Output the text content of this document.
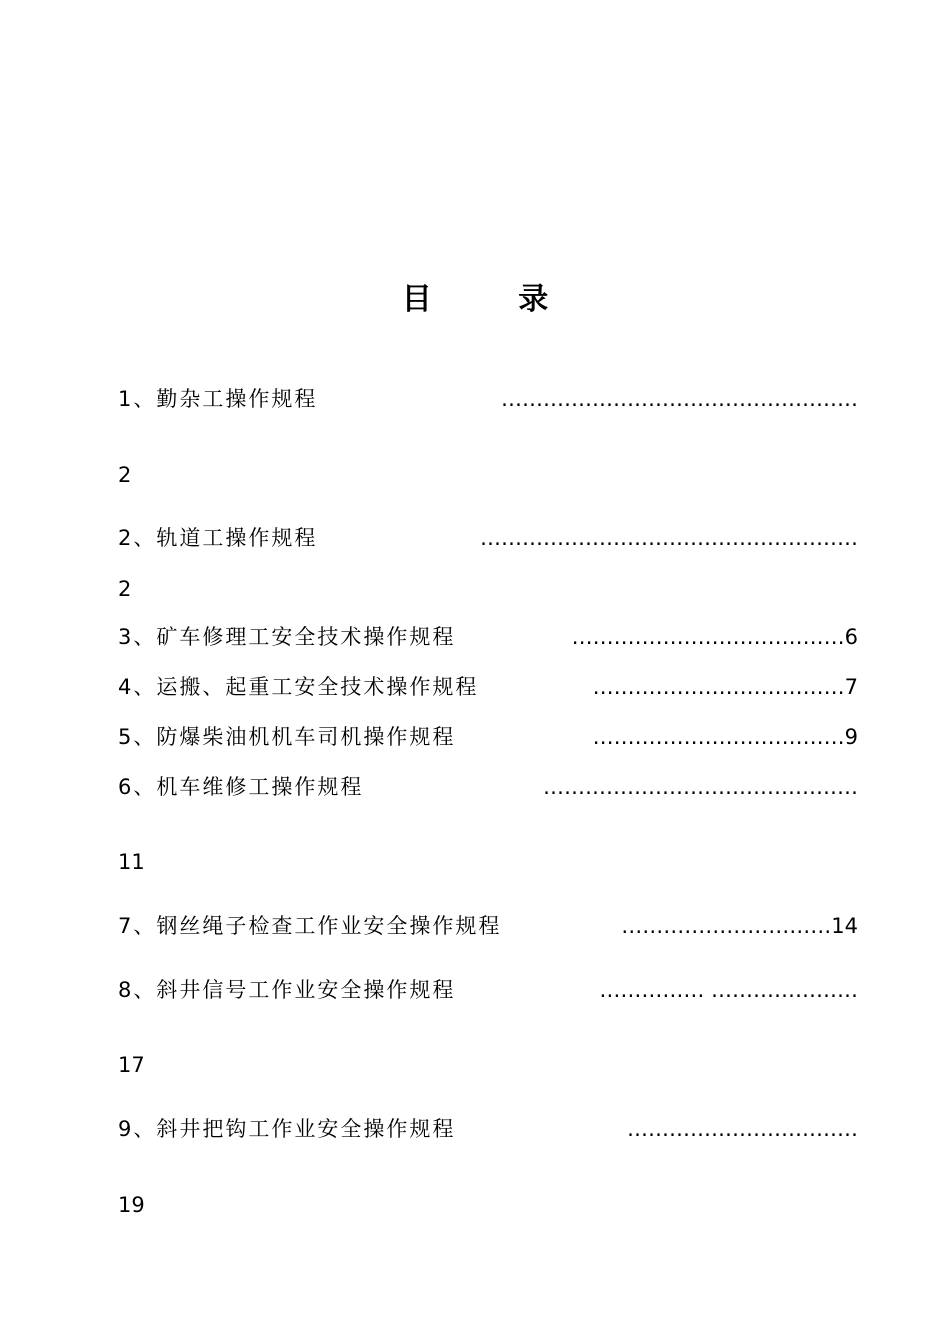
目 录
1、勤杂工操作规程	……………………………………………
2
2、轨道工操作规程	………………………………………………
2
3、矿车修理工安全技术操作规程	…………………………………6
4、运搬、起重工安全技术操作规程	………………………………7
5、防爆柴油机机车司机操作规程	………………………………9
6、机车维修工操作规程	………………………………………
11
7、钢丝绳子检查工作业安全操作规程	…………………………14
8、斜井信号工作业安全操作规程	…………… …………………
17
9、斜井把钩工作业安全操作规程	……………………………
19
